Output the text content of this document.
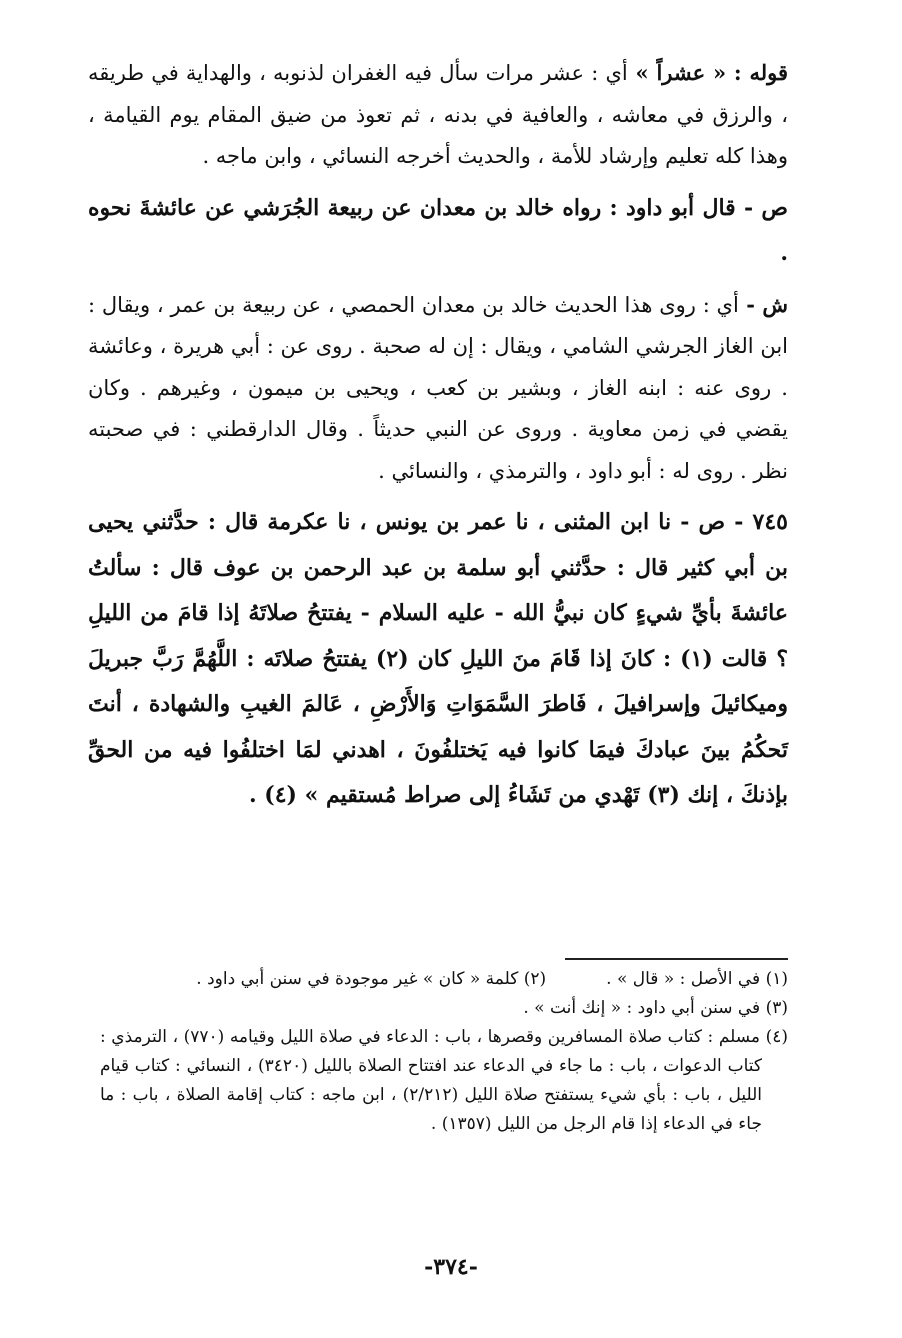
قوله : « عشراً » أي : عشر مرات سأل فيه الغفران لذنوبه ، والهداية في طريقه ، والرزق في معاشه ، والعافية في بدنه ، ثم تعوذ من ضيق المقام يوم القيامة ، وهذا كله تعليم وإرشاد للأمة ، والحديث أخرجه النسائي ، وابن ماجه .

ص - قال أبو داود : رواه خالد بن معدان عن ربيعة الجُرَشي عن عائشةَ نحوه .

ش - أي : روى هذا الحديث خالد بن معدان الحمصي ، عن ربيعة بن عمر ، ويقال : ابن الغاز الجرشي الشامي ، ويقال : إن له صحبة . روى عن : أبي هريرة ، وعائشة . روى عنه : ابنه الغاز ، وبشير بن كعب ، ويحيى بن ميمون ، وغيرهم . وكان يقضي في زمن معاوية . وروى عن النبي حديثاً . وقال الدارقطني : في صحبته نظر . روى له : أبو داود ، والترمذي ، والنسائي .

٧٤٥ - ص - نا ابن المثنى ، نا عمر بن يونس ، نا عكرمة قال : حدَّثني يحيى بن أبي كثير قال : حدَّثني أبو سلمة بن عبد الرحمن بن عوف قال : سألتُ عائشةَ بأيِّ شيءٍ كان نبيُّ الله - عليه السلام - يفتتحُ صلاتَهُ إذا قامَ من الليلِ ؟ قالت (١) : كانَ إذا قَامَ منَ الليلِ كان (٢) يفتتحُ صلاتَه : اللَّهُمَّ رَبَّ جبريلَ وميكائيلَ وإسرافيلَ ، فَاطرَ السَّمَوَاتِ وَالأَرْضِ ، عَالمَ الغيبِ والشهادة ، أنتَ تَحكُمُ بينَ عبادكَ فيمَا كانوا فيه يَختلفُونَ ، اهدني لمَا اختلفُوا فيه من الحقِّ بإذنكَ ، إنك (٣) تَهْدي من تَشَاءُ إلى صراط مُستقيم » (٤) .

(١) في الأصل : « قال » .
(٢) كلمة « كان » غير موجودة في سنن أبي داود .

(٣) في سنن أبي داود : « إنك أنت » .

(٤) مسلم : كتاب صلاة المسافرين وقصرها ، باب : الدعاء في صلاة الليل وقيامه (٧٧٠) ، الترمذي : كتاب الدعوات ، باب : ما جاء في الدعاء عند افتتاح الصلاة بالليل (٣٤٢٠) ، النسائي : كتاب قيام الليل ، باب : بأي شيء يستفتح صلاة الليل (٢/٢١٢) ، ابن ماجه : كتاب إقامة الصلاة ، باب : ما جاء في الدعاء إذا قام الرجل من الليل (١٣٥٧) .

-٣٧٤-
